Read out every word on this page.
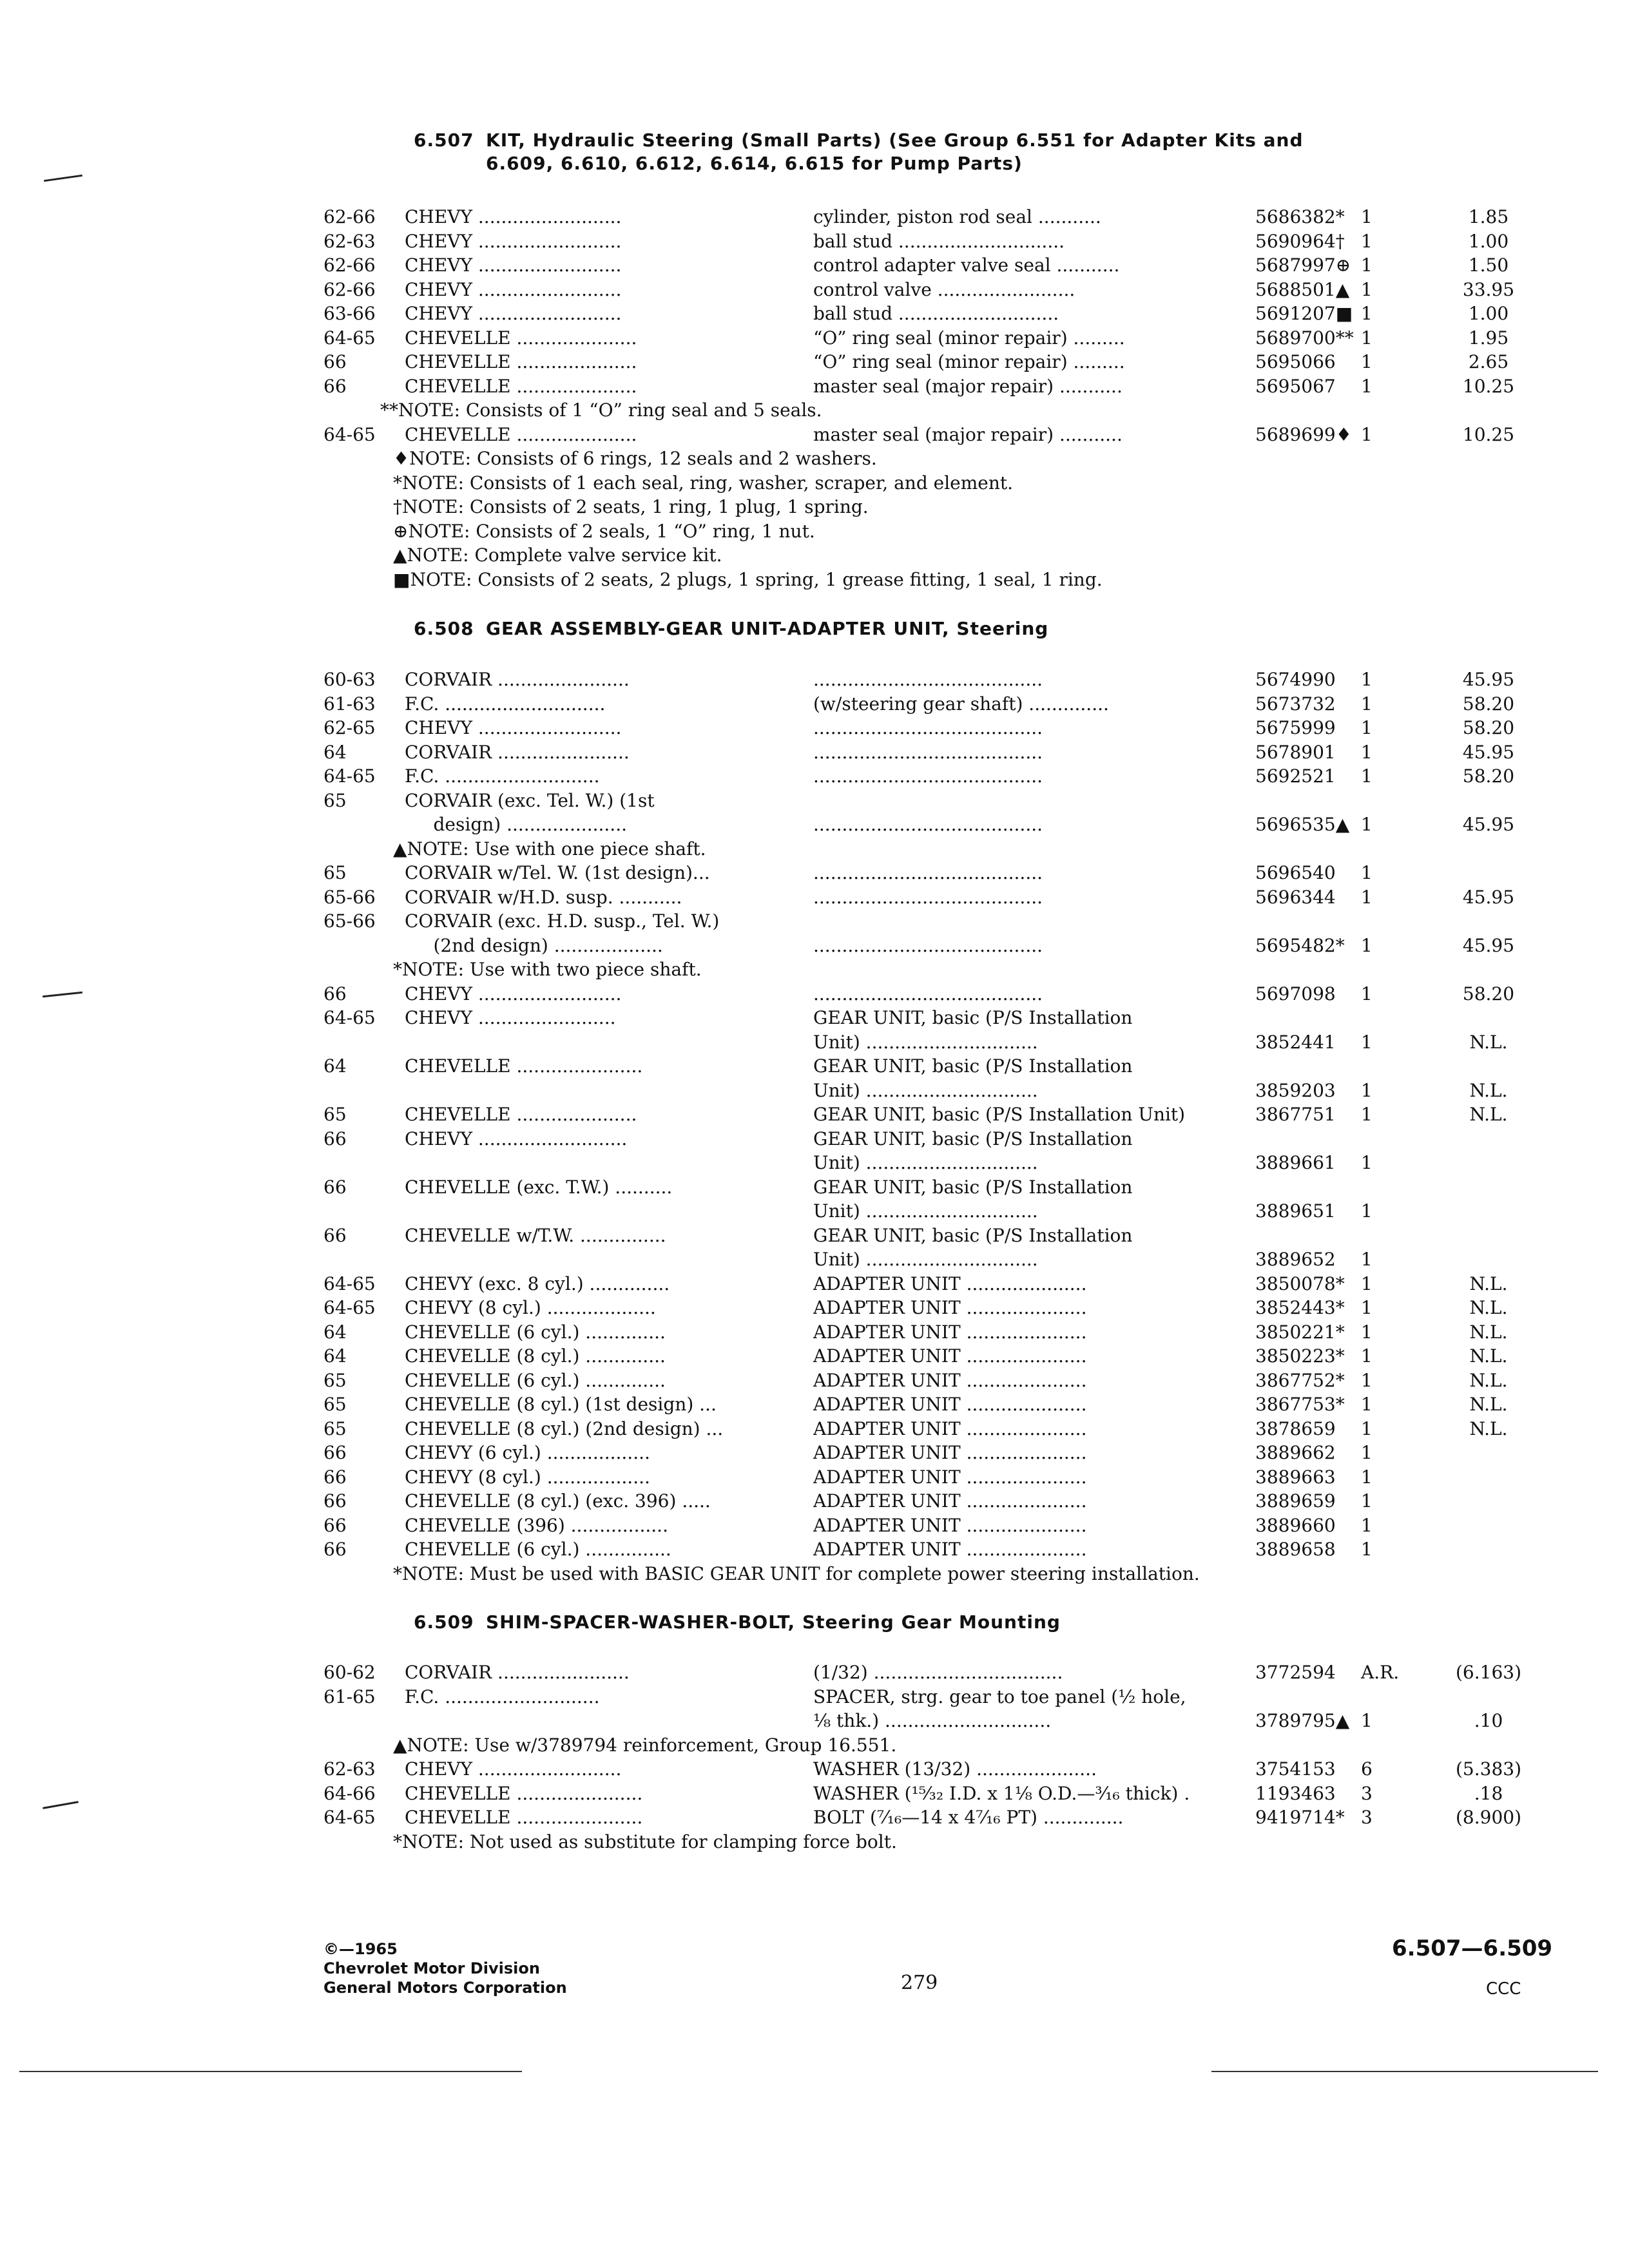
6.507 KIT, Hydraulic Steering (Small Parts) (See Group 6.551 for Adapter Kits and
6.609, 6.610, 6.612, 6.614, 6.615 for Pump Parts)
62-66 CHEVY .........................	cylinder, piston rod seal ...........	5686382* 1	1.85
62-63 CHEVY .........................	ball stud .............................	5690964† 1	1.00
62-66 CHEVY .........................	control adapter valve seal ...........	5687997⊕ 1	1.50
62-66 CHEVY .........................	control valve ........................	5688501▲ 1	33.95
63-66 CHEVY .........................	ball stud ............................	5691207■ 1	1.00
64-65 CHEVELLE .....................	“O” ring seal (minor repair) .........	5689700** 1	1.95
66	CHEVELLE .....................	“O” ring seal (minor repair) .........	5695066 1	2.65
66	CHEVELLE .....................	master seal (major repair) ...........	5695067 1	10.25
**NOTE: Consists of 1 “O” ring seal and 5 seals.
64-65 CHEVELLE .....................	master seal (major repair) ...........	5689699♦ 1	10.25
♦NOTE: Consists of 6 rings, 12 seals and 2 washers.
*NOTE: Consists of 1 each seal, ring, washer, scraper, and element.
†NOTE: Consists of 2 seats, 1 ring, 1 plug, 1 spring.
⊕NOTE: Consists of 2 seals, 1 “O” ring, 1 nut.
▲NOTE: Complete valve service kit.
■NOTE: Consists of 2 seats, 2 plugs, 1 spring, 1 grease fitting, 1 seal, 1 ring.
6.508 GEAR ASSEMBLY-GEAR UNIT-ADAPTER UNIT, Steering
60-63 CORVAIR .......................	........................................	5674990 1	45.95
61-63 F.C. ............................	(w/steering gear shaft) ..............	5673732 1	58.20
62-65 CHEVY .........................	........................................	5675999 1	58.20
64	CORVAIR .......................	........................................	5678901 1	45.95
64-65 F.C. ...........................	........................................	5692521 1	58.20
65	CORVAIR (exc. Tel. W.) (1st
design) .....................	
........................................	5696535▲ 1	45.95
▲NOTE: Use with one piece shaft.
65	CORVAIR w/Tel. W. (1st design)...	........................................	5696540 1
65-66 CORVAIR w/H.D. susp. ...........	........................................	5696344 1	45.95
65-66 CORVAIR (exc. H.D. susp., Tel. W.)
(2nd design) ...................	
........................................	5695482* 1	45.95
*NOTE: Use with two piece shaft.
66	CHEVY .........................	........................................	5697098 1	58.20
64-65 CHEVY ........................	GEAR UNIT, basic (P/S Installation
Unit) ..............................	3852441 1	N.L.
64	CHEVELLE ......................	GEAR UNIT, basic (P/S Installation
Unit) ..............................	3859203 1	N.L.
65	CHEVELLE .....................	GEAR UNIT, basic (P/S Installation Unit)	3867751 1	N.L.
66	CHEVY ..........................	GEAR UNIT, basic (P/S Installation
Unit) ..............................	3889661 1
66	CHEVELLE (exc. T.W.) ..........	GEAR UNIT, basic (P/S Installation
Unit) ..............................	3889651 1
66	CHEVELLE w/T.W. ...............	GEAR UNIT, basic (P/S Installation
Unit) ..............................	3889652 1
64-65 CHEVY (exc. 8 cyl.) ..............	ADAPTER UNIT .....................	3850078* 1	N.L.
64-65 CHEVY (8 cyl.) ...................	ADAPTER UNIT .....................	3852443* 1	N.L.
64	CHEVELLE (6 cyl.) ..............	ADAPTER UNIT .....................	3850221* 1	N.L.
64	CHEVELLE (8 cyl.) ..............	ADAPTER UNIT .....................	3850223* 1	N.L.
65	CHEVELLE (6 cyl.) ..............	ADAPTER UNIT .....................	3867752* 1	N.L.
65	CHEVELLE (8 cyl.) (1st design) ...	ADAPTER UNIT .....................	3867753* 1	N.L.
65	CHEVELLE (8 cyl.) (2nd design) ...	ADAPTER UNIT .....................	3878659 1	N.L.
66	CHEVY (6 cyl.) ..................	ADAPTER UNIT .....................	3889662 1
66	CHEVY (8 cyl.) ..................	ADAPTER UNIT .....................	3889663 1
66	CHEVELLE (8 cyl.) (exc. 396) .....	ADAPTER UNIT .....................	3889659 1
66	CHEVELLE (396) .................	ADAPTER UNIT .....................	3889660 1
66	CHEVELLE (6 cyl.) ...............	ADAPTER UNIT .....................	3889658 1
*NOTE: Must be used with BASIC GEAR UNIT for complete power steering installation.
6.509 SHIM-SPACER-WASHER-BOLT, Steering Gear Mounting
60-62 CORVAIR .......................	(1/32) .................................	3772594 A.R.	(6.163)
61-65 F.C. ...........................	SPACER, strg. gear to toe panel (½ hole,
⅛ thk.) .............................	3789795▲ 1	.10
▲NOTE: Use w/3789794 reinforcement, Group 16.551.
62-63 CHEVY .........................	WASHER (13/32) .....................	3754153 6	(5.383)
64-66 CHEVELLE ......................	WASHER (¹⁵⁄₃₂ I.D. x 1⅛ O.D.—³⁄₁₆ thick) .	1193463 3	.18
64-65 CHEVELLE ......................	BOLT (⁷⁄₁₆—14 x 4⁷⁄₁₆ PT) ..............	9419714* 3	(8.900)
*NOTE: Not used as substitute for clamping force bolt.
©—1965
Chevrolet Motor Division
General Motors Corporation	279
6.507—6.509
CCC
